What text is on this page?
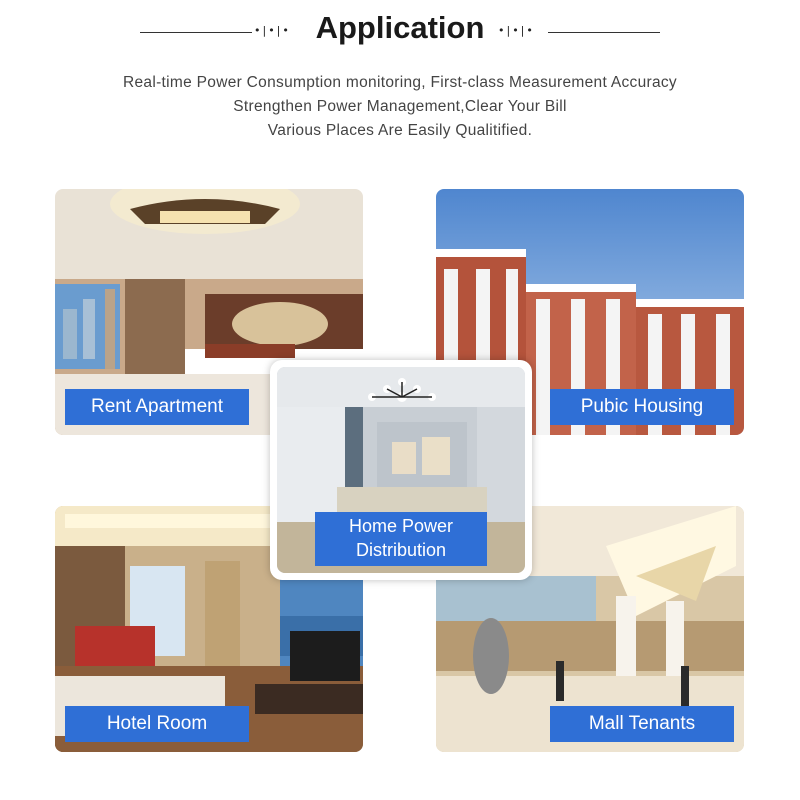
•|•|• Application	•|•|•
Real-time Power Consumption monitoring, First-class Measurement Accuracy
Strengthen Power Management,Clear Your Bill
Various Places Are Easily Qualitified.
Rent Apartment	Pubic Housing
Hotel Room	Mall Tenants
Home Power
Distribution
